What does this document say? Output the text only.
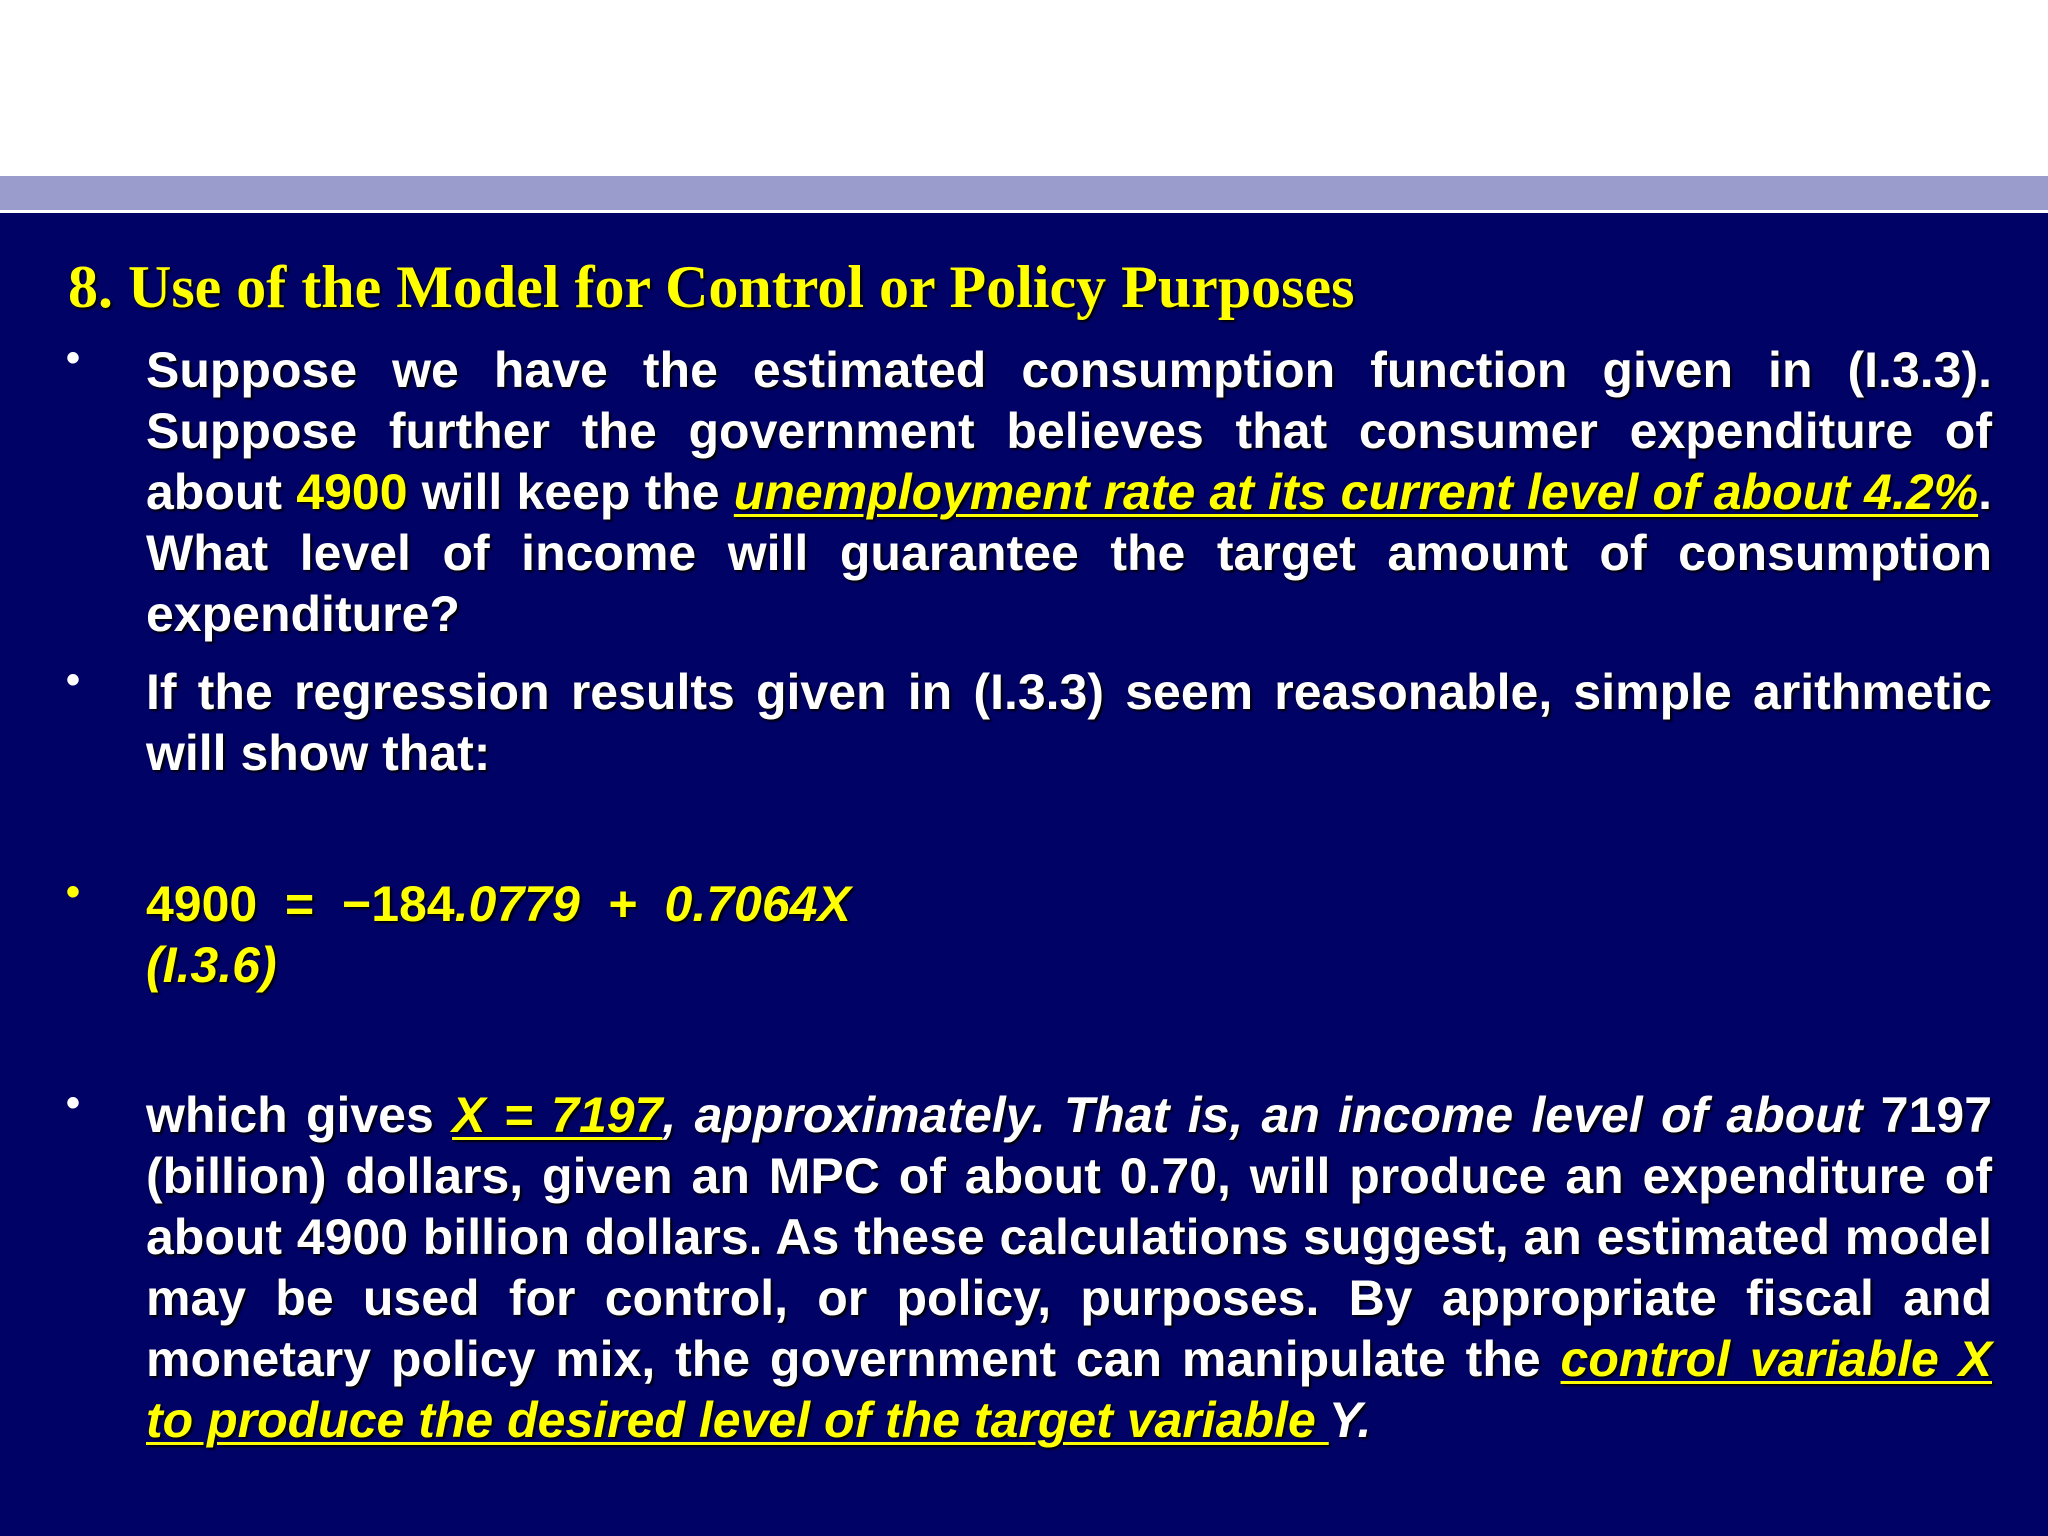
8. Use of the Model for Control or Policy Purposes
• Suppose we have the estimated consumption function given in (I.3.3). Suppose further the government believes that consumer expenditure of about 4900 will keep the unemployment rate at its current level of about 4.2%. What level of income will guarantee the target amount of consumption expenditure?

• If the regression results given in (I.3.3) seem reasonable, simple arithmetic will show that:

• 4900  =  −184.0779  +  0.7064X
(I.3.6)

• which gives X = 7197, approximately. That is, an income level of about 7197 (billion) dollars, given an MPC of about 0.70, will produce an expenditure of about 4900 billion dollars. As these calculations suggest, an estimated model may be used for control, or policy, purposes. By appropriate fiscal and monetary policy mix, the government can manipulate the control variable X to produce the desired level of the target variable Y.
